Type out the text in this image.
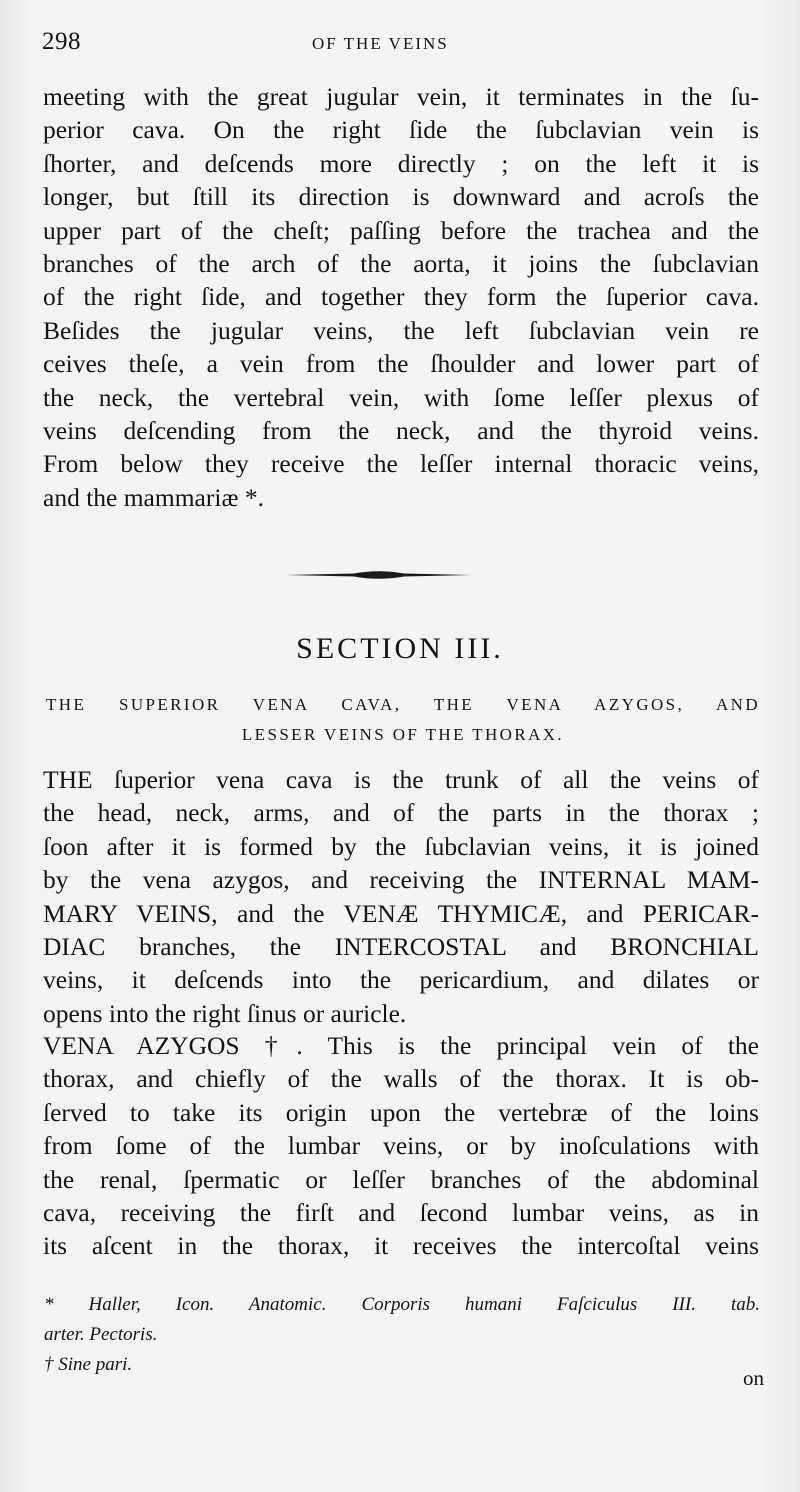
298	OF THE VEINS
meeting with the great jugular vein, it terminates in the ſu-
perior cava. On the right ſide the ſubclavian vein is
ſhorter, and deſcends more directly ; on the left it is
longer, but ſtill its direction is downward and acroſs the
upper part of the cheſt; paſſing before the trachea and the
branches of the arch of the aorta, it joins the ſubclavian
of the right ſide, and together they form the ſuperior cava.
Beſides the jugular veins, the left ſubclavian vein re
ceives theſe, a vein from the ſhoulder and lower part of
the neck, the vertebral vein, with ſome leſſer plexus of
veins deſcending from the neck, and the thyroid veins.
From below they receive the leſſer internal thoracic veins,
and the mammariæ *.
SECTION III.
THE SUPERIOR VENA CAVA, THE VENA AZYGOS, AND
LESSER VEINS OF THE THORAX.
THE ſuperior vena cava is the trunk of all the veins of
the head, neck, arms, and of the parts in the thorax ;
ſoon after it is formed by the ſubclavian veins, it is joined
by the vena azygos, and receiving the INTERNAL MAM-
MARY VEINS, and the VENÆ THYMICÆ, and PERICAR-
DIAC branches, the INTERCOSTAL and BRONCHIAL
veins, it deſcends into the pericardium, and dilates or
opens into the right ſinus or auricle.
VENA AZYGOS †. This is the principal vein of the
thorax, and chiefly of the walls of the thorax. It is ob-
ſerved to take its origin upon the vertebræ of the loins
from ſome of the lumbar veins, or by inoſculations with
the renal, ſpermatic or leſſer branches of the abdominal
cava, receiving the firſt and ſecond lumbar veins, as in
its aſcent in the thorax, it receives the intercoſtal veins
* Haller, Icon. Anatomic. Corporis humani Faſciculus III. tab.
arter. Pectoris.
† Sine pari.
on
